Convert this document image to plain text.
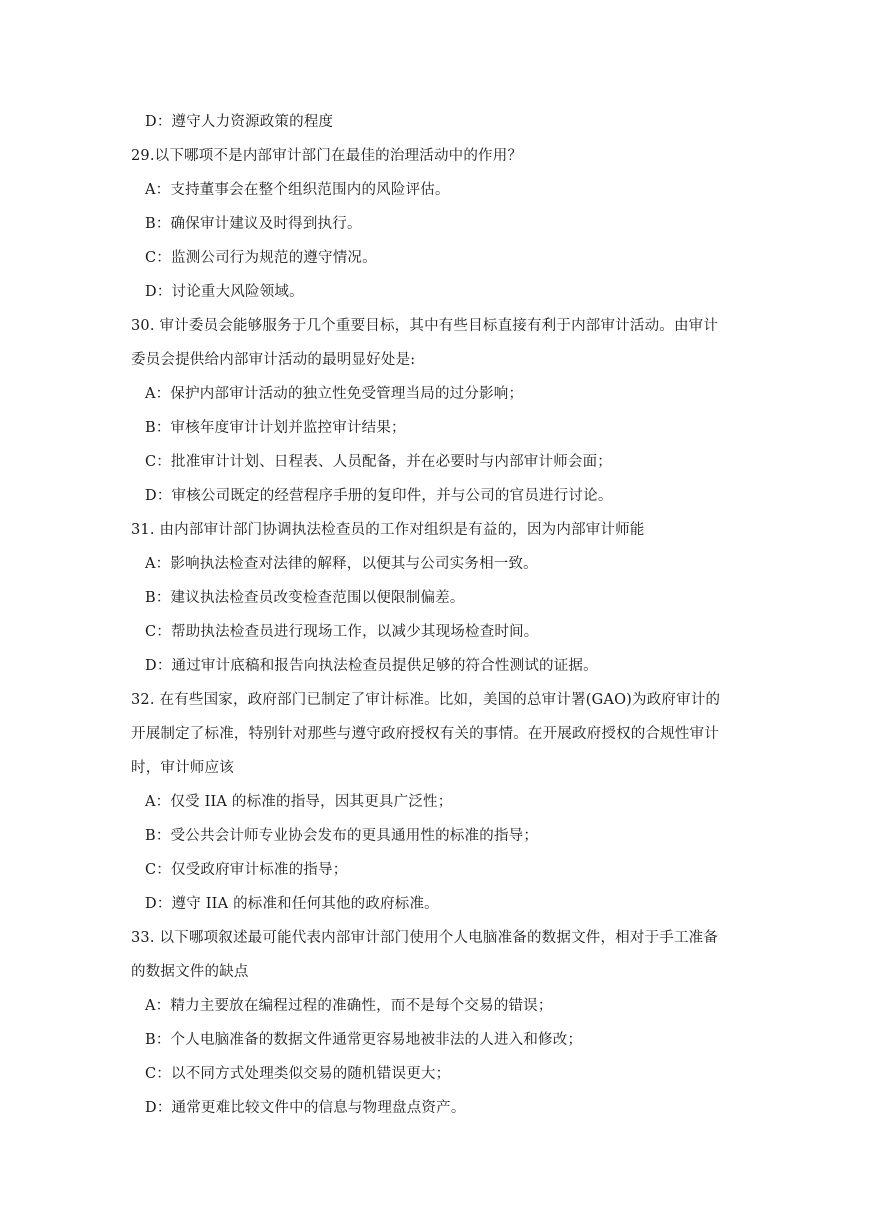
D：遵守人力资源政策的程度
29.以下哪项不是内部审计部门在最佳的治理活动中的作用？
A：支持董事会在整个组织范围内的风险评估。
B：确保审计建议及时得到执行。
C：监测公司行为规范的遵守情况。
D：讨论重大风险领域。
30. 审计委员会能够服务于几个重要目标，其中有些目标直接有利于内部审计活动。由审计
委员会提供给内部审计活动的最明显好处是:
A：保护内部审计活动的独立性免受管理当局的过分影响；
B：审核年度审计计划并监控审计结果；
C：批准审计计划、日程表、人员配备，并在必要时与内部审计师会面；
D：审核公司既定的经营程序手册的复印件，并与公司的官员进行讨论。
31. 由内部审计部门协调执法检查员的工作对组织是有益的，因为内部审计师能
A：影响执法检查对法律的解释，以便其与公司实务相一致。
B：建议执法检查员改变检查范围以便限制偏差。
C：帮助执法检查员进行现场工作，以减少其现场检查时间。
D：通过审计底稿和报告向执法检查员提供足够的符合性测试的证据。
32. 在有些国家，政府部门已制定了审计标准。比如，美国的总审计署(GAO)为政府审计的
开展制定了标准，特别针对那些与遵守政府授权有关的事情。在开展政府授权的合规性审计
时，审计师应该
A：仅受 IIA 的标准的指导，因其更具广泛性；
B：受公共会计师专业协会发布的更具通用性的标准的指导；
C：仅受政府审计标准的指导；
D：遵守 IIA 的标准和任何其他的政府标准。
33. 以下哪项叙述最可能代表内部审计部门使用个人电脑准备的数据文件，相对于手工准备
的数据文件的缺点
A：精力主要放在编程过程的准确性，而不是每个交易的错误；
B：个人电脑准备的数据文件通常更容易地被非法的人进入和修改；
C：以不同方式处理类似交易的随机错误更大；
D：通常更难比较文件中的信息与物理盘点资产。
